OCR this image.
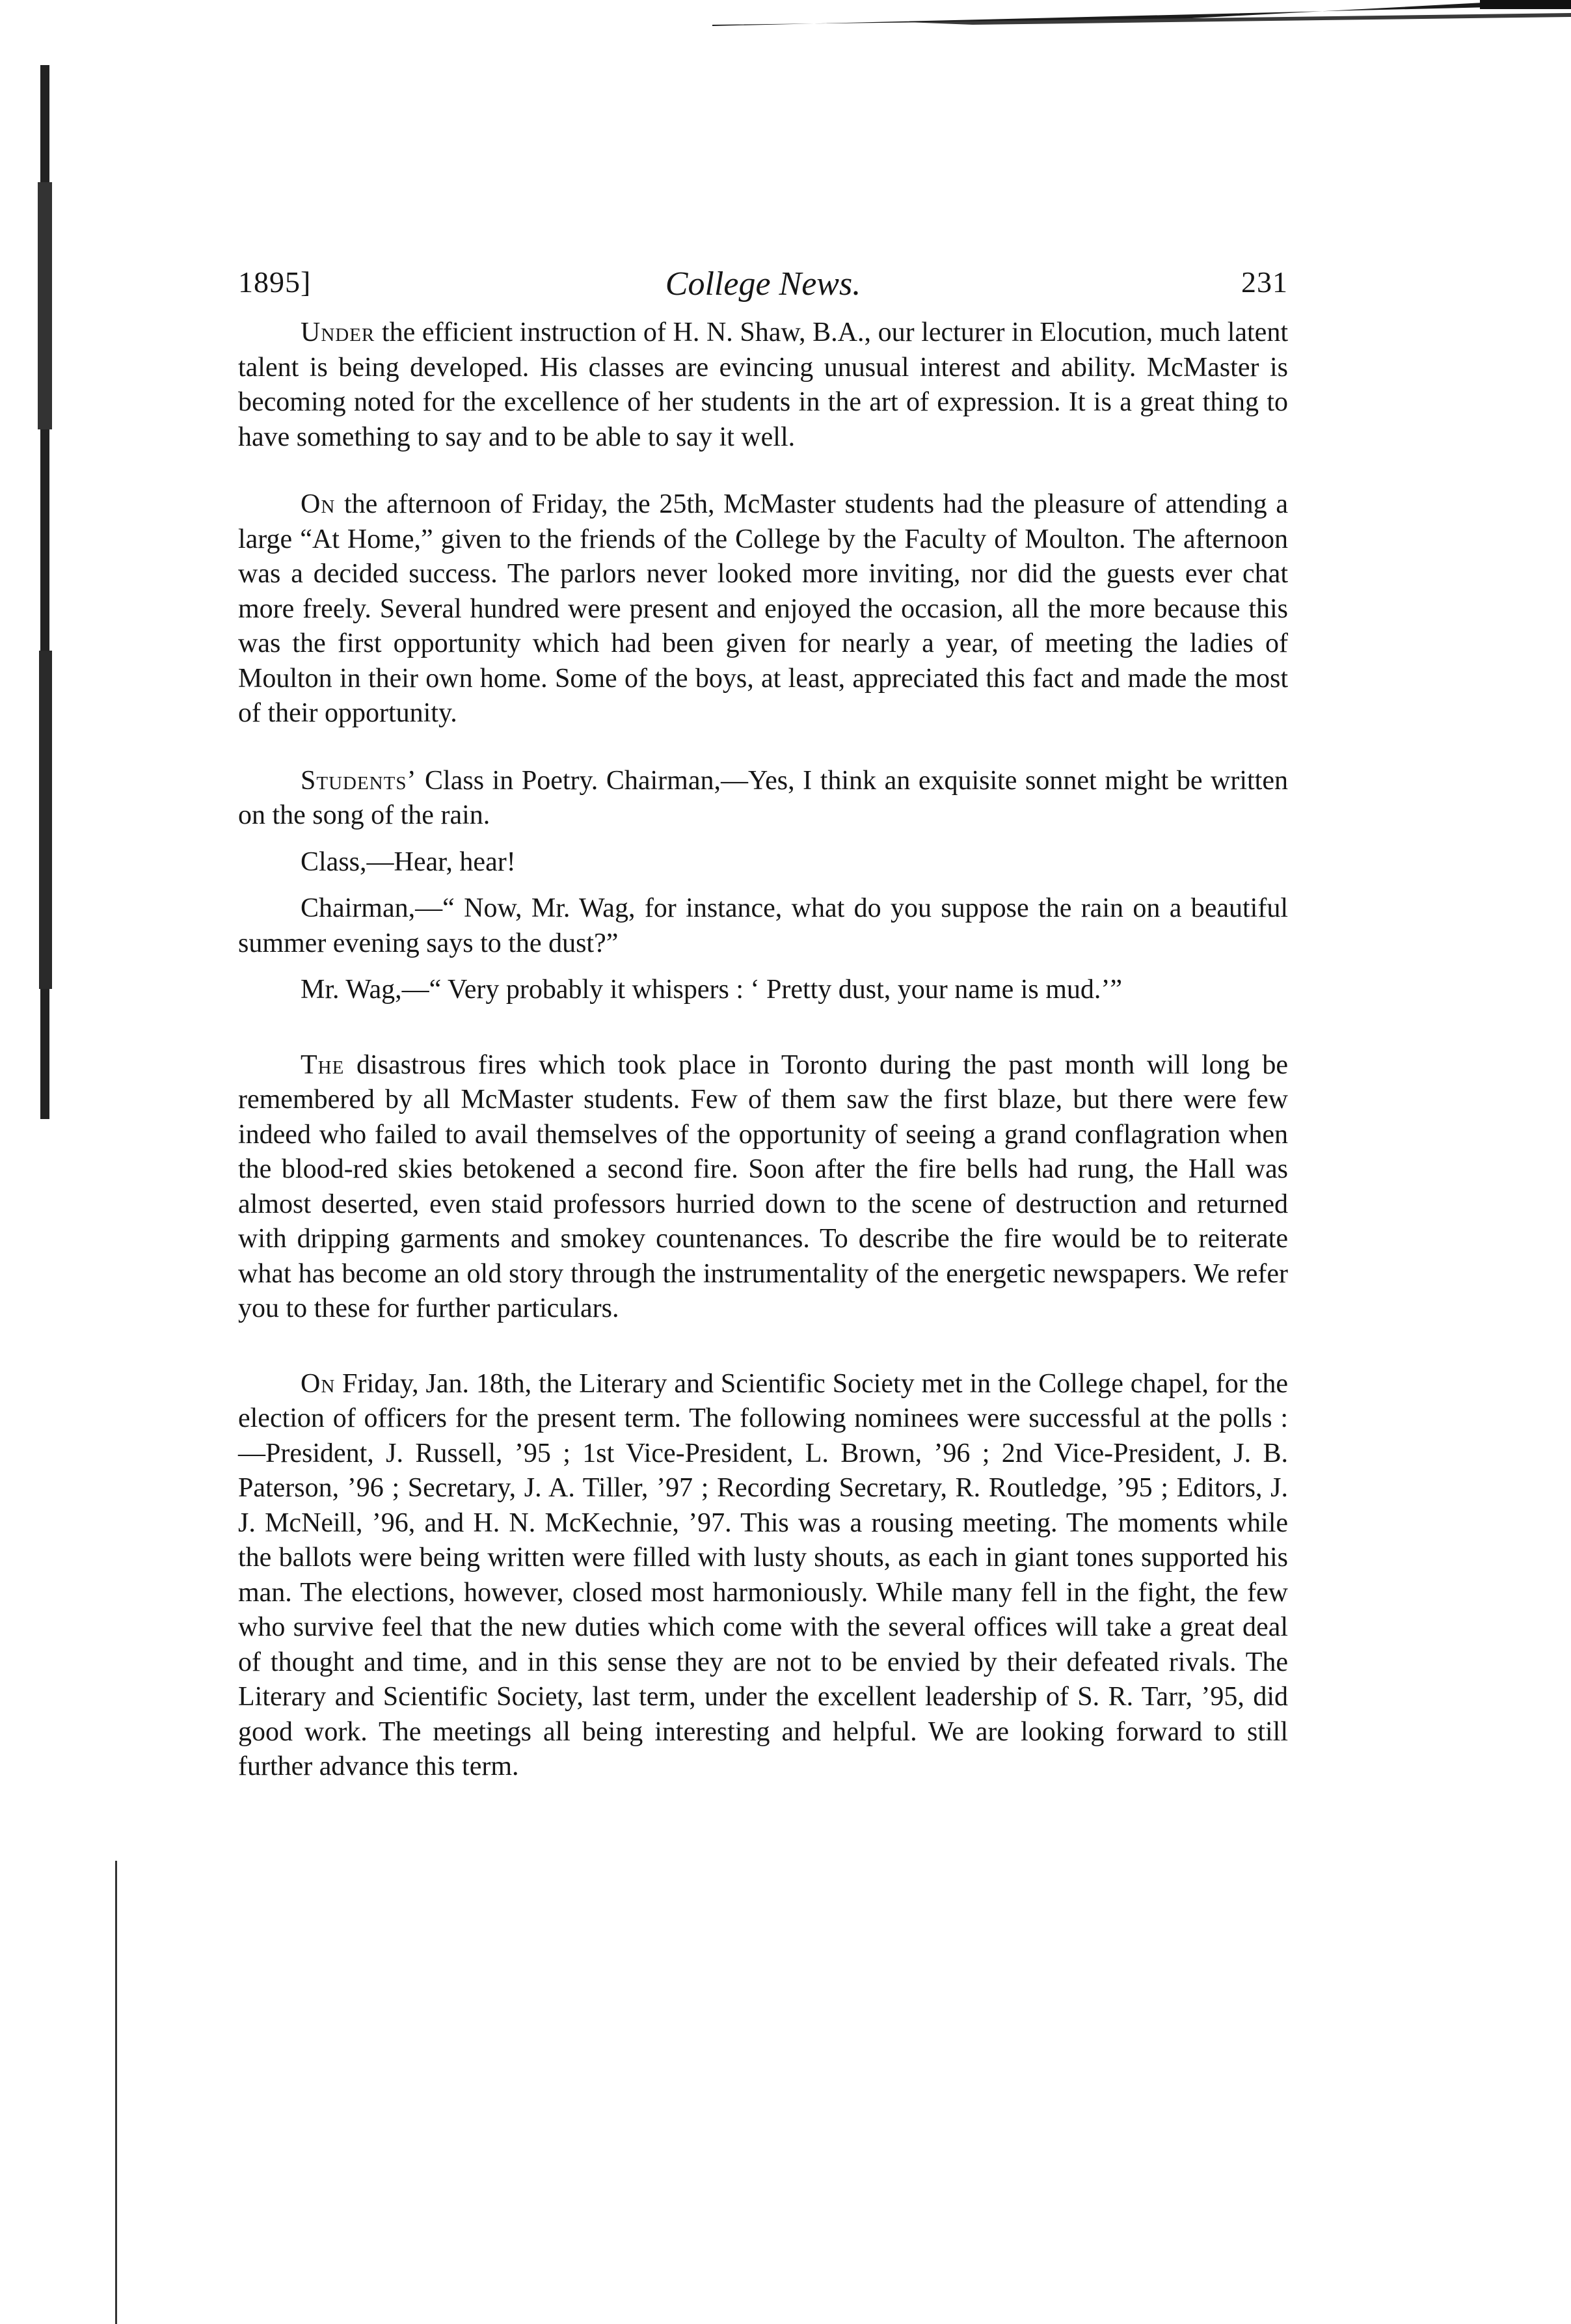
1895]	College News.	231

Under the efficient instruction of H. N. Shaw, B.A., our lecturer in Elocution, much latent talent is being developed. His classes are evincing unusual interest and ability. McMaster is becoming noted for the excellence of her students in the art of expression. It is a great thing to have something to say and to be able to say it well.

On the afternoon of Friday, the 25th, McMaster students had the pleasure of attending a large “At Home,” given to the friends of the College by the Faculty of Moulton. The afternoon was a decided success. The parlors never looked more inviting, nor did the guests ever chat more freely. Several hundred were present and enjoyed the occasion, all the more because this was the first opportunity which had been given for nearly a year, of meeting the ladies of Moulton in their own home. Some of the boys, at least, appreciated this fact and made the most of their opportunity.

Students’ Class in Poetry. Chairman,—Yes, I think an exquisite sonnet might be written on the song of the rain.

Class,—Hear, hear!

Chairman,—“ Now, Mr. Wag, for instance, what do you suppose the rain on a beautiful summer evening says to the dust?”

Mr. Wag,—“ Very probably it whispers : ‘ Pretty dust, your name is mud.’”

The disastrous fires which took place in Toronto during the past month will long be remembered by all McMaster students. Few of them saw the first blaze, but there were few indeed who failed to avail themselves of the opportunity of seeing a grand conflagration when the blood-red skies betokened a second fire. Soon after the fire bells had rung, the Hall was almost deserted, even staid professors hurried down to the scene of destruction and returned with dripping garments and smokey countenances. To describe the fire would be to reiterate what has become an old story through the instrumentality of the energetic newspapers. We refer you to these for further particulars.

On Friday, Jan. 18th, the Literary and Scientific Society met in the College chapel, for the election of officers for the present term. The following nominees were successful at the polls :—President, J. Russell, ’95 ; 1st Vice-President, L. Brown, ’96 ; 2nd Vice-President, J. B. Paterson, ’96 ; Secretary, J. A. Tiller, ’97 ; Recording Secretary, R. Routledge, ’95 ; Editors, J. J. McNeill, ’96, and H. N. McKechnie, ’97. This was a rousing meeting. The moments while the ballots were being written were filled with lusty shouts, as each in giant tones supported his man. The elections, however, closed most harmoniously. While many fell in the fight, the few who survive feel that the new duties which come with the several offices will take a great deal of thought and time, and in this sense they are not to be envied by their defeated rivals. The Literary and Scientific Society, last term, under the excellent leadership of S. R. Tarr, ’95, did good work. The meetings all being interesting and helpful. We are looking forward to still further advance this term.
